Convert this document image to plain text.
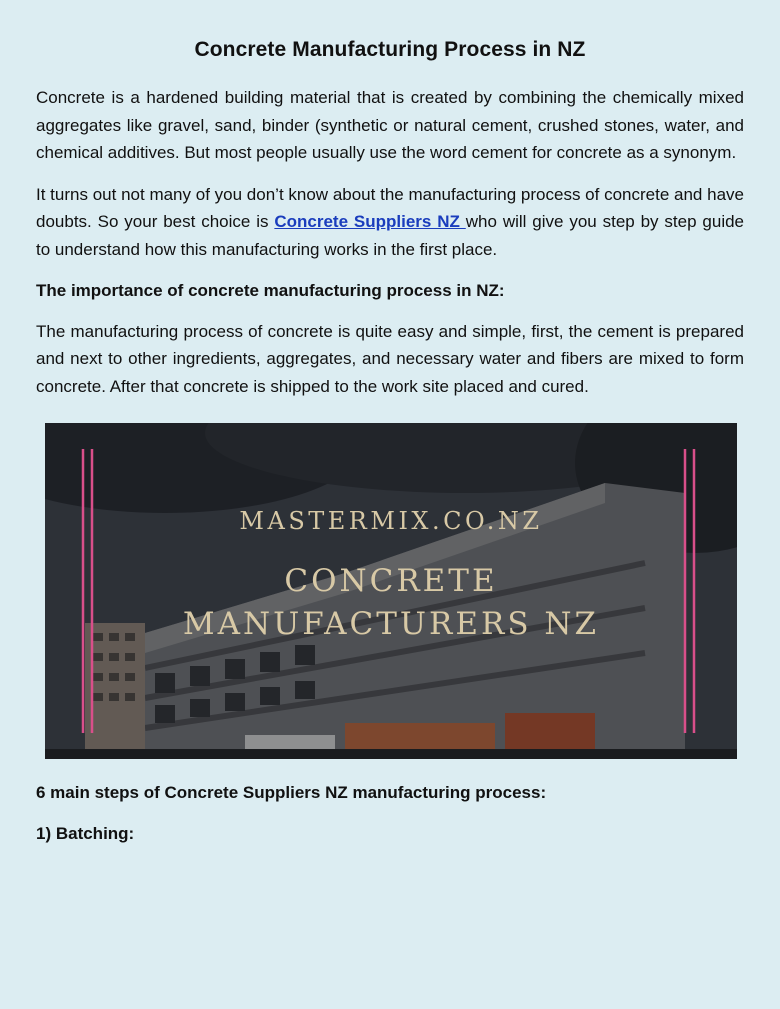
Concrete Manufacturing Process in NZ

Concrete is a hardened building material that is created by combining the chemically mixed aggregates like gravel, sand, binder (synthetic or natural cement, crushed stones, water, and chemical additives. But most people usually use the word cement for concrete as a synonym.

It turns out not many of you don’t know about the manufacturing process of concrete and have doubts. So your best choice is Concrete Suppliers NZ who will give you step by step guide to understand how this manufacturing works in the first place.

The importance of concrete manufacturing process in NZ:

The manufacturing process of concrete is quite easy and simple, first, the cement is prepared and next to other ingredients, aggregates, and necessary water and fibers are mixed to form concrete. After that concrete is shipped to the work site placed and cured.

MASTERMIX.CO.NZ
CONCRETE
MANUFACTURERS NZ

6 main steps of Concrete Suppliers NZ manufacturing process:

1) Batching:
